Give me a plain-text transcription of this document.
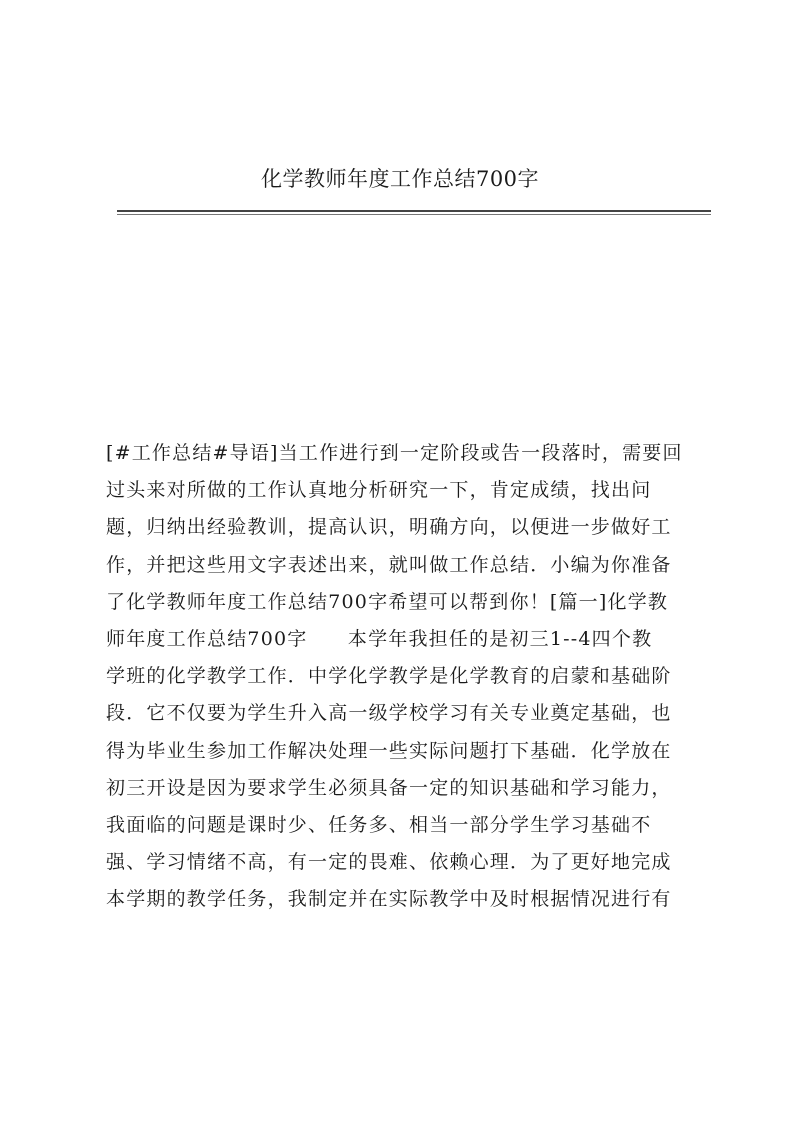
化学教师年度工作总结700字
[#工作总结#导语]当工作进行到一定阶段或告一段落时，需要回
过头来对所做的工作认真地分析研究一下，肯定成绩，找出问
题，归纳出经验教训，提高认识，明确方向，以便进一步做好工
作，并把这些用文字表述出来，就叫做工作总结．小编为你准备
了化学教师年度工作总结700字希望可以帮到你！[篇一]化学教
师年度工作总结700字　　本学年我担任的是初三1--4四个教
学班的化学教学工作．中学化学教学是化学教育的启蒙和基础阶
段．它不仅要为学生升入高一级学校学习有关专业奠定基础，也
得为毕业生参加工作解决处理一些实际问题打下基础．化学放在
初三开设是因为要求学生必须具备一定的知识基础和学习能力，
我面临的问题是课时少、任务多、相当一部分学生学习基础不
强、学习情绪不高，有一定的畏难、依赖心理．为了更好地完成
本学期的教学任务，我制定并在实际教学中及时根据情况进行有
